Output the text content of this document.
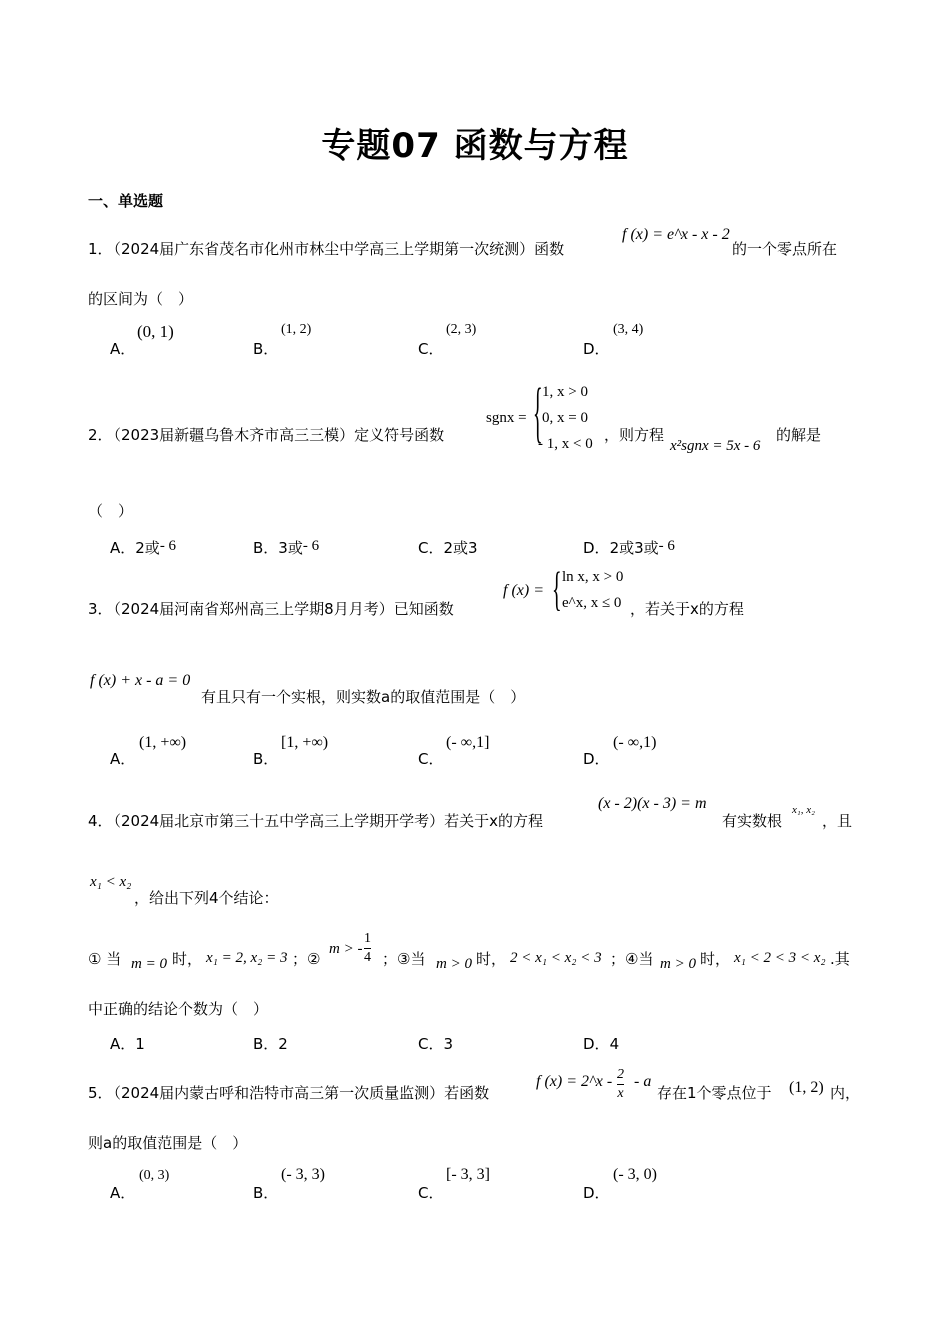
专题07 函数与方程
一、单选题
1．
（2024届广东省茂名市化州市林尘中学高三上学期第一次统测）函数
f (x) = e^x - x - 2
的一个零点所在
的区间为（　）
A．
(0, 1)
B．
(1, 2)
C．
(2, 3)
D．
(3, 4)
2．
（2023届新疆乌鲁木齐市高三三模）定义符号函数
sgnx = { 1, x > 0
0, x = 0
- 1, x < 0 ，则方程
x²sgnx = 5x - 6
的解是
（　）
A．2或- 6	B．3或- 6	C．2或3	D．2或3或- 6
3．
（2024届河南省郑州高三上学期8月月考）已知函数
f (x) = { ln x, x > 0
e^x, x ≤ 0 ，若关于x的方程
f (x) + x - a = 0
有且只有一个实根，则实数a的取值范围是（　）
A．
(1, +∞)
B．
[1, +∞)
C．
(- ∞,1]
D．
(- ∞,1)
4．
（2024届北京市第三十五中学高三上学期开学考）若关于x的方程
(x - 2)(x - 3) = m
有实数根
x₁, x₂
，且
x₁ < x₂
，给出下列4个结论：
① 当 m = 0 时， x₁ = 2, x₂ = 3 ；②
m > - $\frac{1}{4}$ ；③当 m > 0 时， 2 < x₁ < x₂ < 3 ；④当 m > 0 时， x₁ < 2 < 3 < x₂ .其
中正确的结论个数为（　）
A．1	B．2	C．3	D．4
5．
（2024届内蒙古呼和浩特市高三第一次质量监测）若函数
f (x) = 2^x - $\frac{2}{x}$ - a
存在1个零点位于 (1, 2) 内，
则a的取值范围是（　）
A．
(0, 3)
B．
(- 3, 3)
C．
[- 3, 3]
D．
(- 3, 0)
